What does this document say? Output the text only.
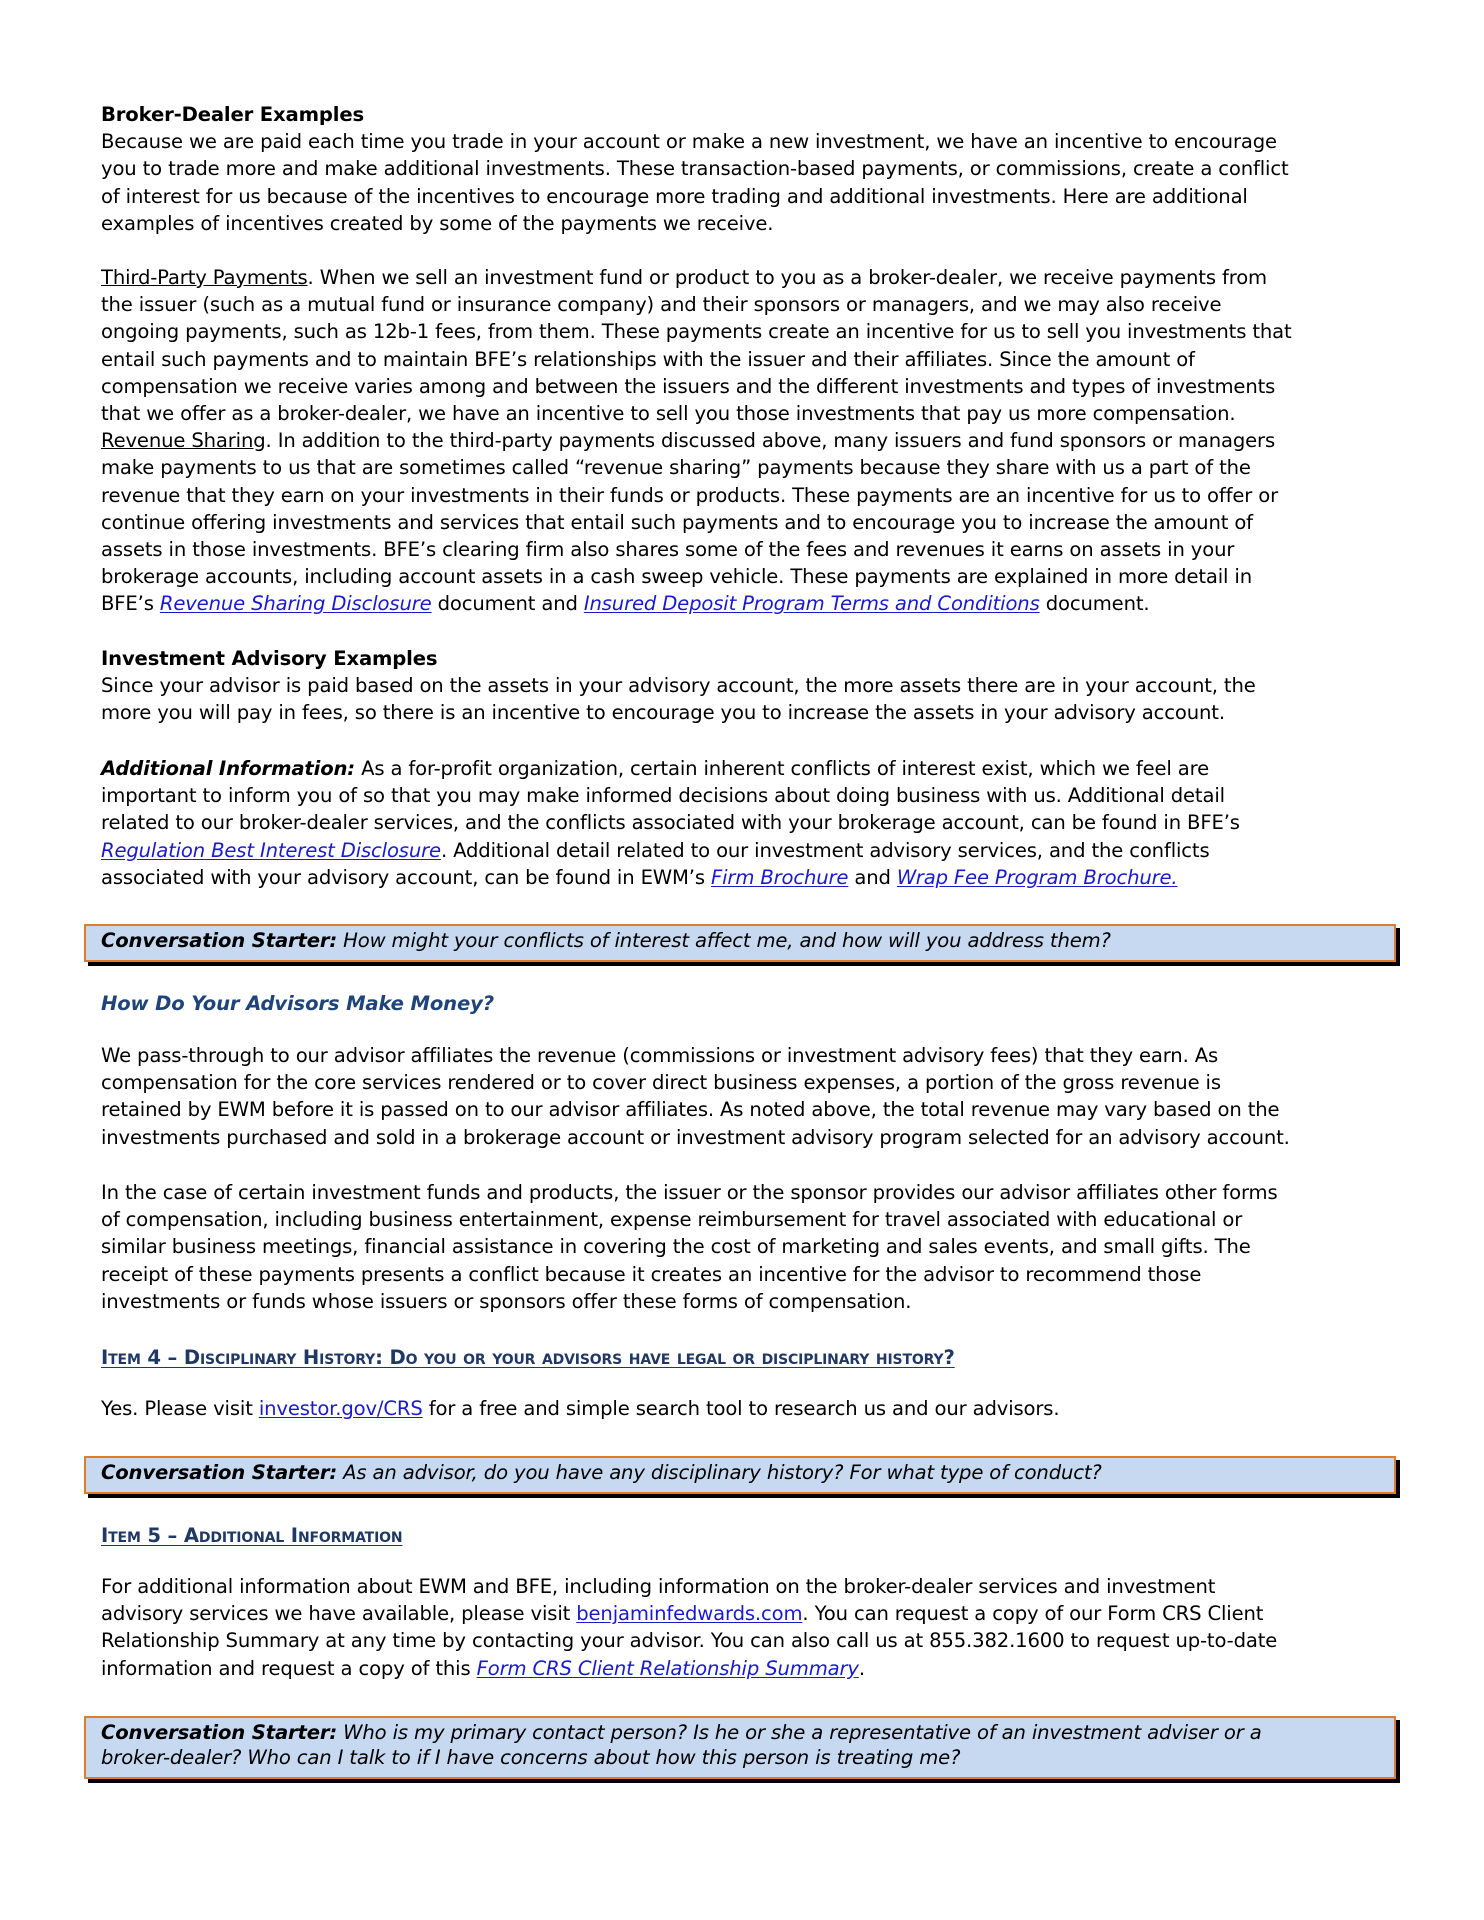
Broker-Dealer Examples
Because we are paid each time you trade in your account or make a new investment, we have an incentive to encourage
you to trade more and make additional investments. These transaction-based payments, or commissions, create a conflict
of interest for us because of the incentives to encourage more trading and additional investments. Here are additional
examples of incentives created by some of the payments we receive.
Third-Party Payments. When we sell an investment fund or product to you as a broker-dealer, we receive payments from
the issuer (such as a mutual fund or insurance company) and their sponsors or managers, and we may also receive
ongoing payments, such as 12b-1 fees, from them. These payments create an incentive for us to sell you investments that
entail such payments and to maintain BFE’s relationships with the issuer and their affiliates. Since the amount of
compensation we receive varies among and between the issuers and the different investments and types of investments
that we offer as a broker-dealer, we have an incentive to sell you those investments that pay us more compensation.
Revenue Sharing. In addition to the third-party payments discussed above, many issuers and fund sponsors or managers
make payments to us that are sometimes called “revenue sharing” payments because they share with us a part of the
revenue that they earn on your investments in their funds or products. These payments are an incentive for us to offer or
continue offering investments and services that entail such payments and to encourage you to increase the amount of
assets in those investments. BFE’s clearing firm also shares some of the fees and revenues it earns on assets in your
brokerage accounts, including account assets in a cash sweep vehicle. These payments are explained in more detail in
BFE’s Revenue Sharing Disclosure document and Insured Deposit Program Terms and Conditions document.
Investment Advisory Examples
Since your advisor is paid based on the assets in your advisory account, the more assets there are in your account, the
more you will pay in fees, so there is an incentive to encourage you to increase the assets in your advisory account.
Additional Information: As a for-profit organization, certain inherent conflicts of interest exist, which we feel are
important to inform you of so that you may make informed decisions about doing business with us. Additional detail
related to our broker-dealer services, and the conflicts associated with your brokerage account, can be found in BFE’s
Regulation Best Interest Disclosure. Additional detail related to our investment advisory services, and the conflicts
associated with your advisory account, can be found in EWM’s Firm Brochure and Wrap Fee Program Brochure.
Conversation Starter: How might your conflicts of interest affect me, and how will you address them?
How Do Your Advisors Make Money?
We pass-through to our advisor affiliates the revenue (commissions or investment advisory fees) that they earn. As
compensation for the core services rendered or to cover direct business expenses, a portion of the gross revenue is
retained by EWM before it is passed on to our advisor affiliates. As noted above, the total revenue may vary based on the
investments purchased and sold in a brokerage account or investment advisory program selected for an advisory account.
In the case of certain investment funds and products, the issuer or the sponsor provides our advisor affiliates other forms
of compensation, including business entertainment, expense reimbursement for travel associated with educational or
similar business meetings, financial assistance in covering the cost of marketing and sales events, and small gifts. The
receipt of these payments presents a conflict because it creates an incentive for the advisor to recommend those
investments or funds whose issuers or sponsors offer these forms of compensation.
Item 4 – Disciplinary History: Do you or your advisors have legal or disciplinary history?
Yes. Please visit investor.gov/CRS for a free and simple search tool to research us and our advisors.
Conversation Starter: As an advisor, do you have any disciplinary history? For what type of conduct?
Item 5 – Additional Information
For additional information about EWM and BFE, including information on the broker-dealer services and investment
advisory services we have available, please visit benjaminfedwards.com. You can request a copy of our Form CRS Client
Relationship Summary at any time by contacting your advisor. You can also call us at 855.382.1600 to request up-to-date
information and request a copy of this Form CRS Client Relationship Summary.
Conversation Starter: Who is my primary contact person? Is he or she a representative of an investment adviser or a
broker-dealer? Who can I talk to if I have concerns about how this person is treating me?
